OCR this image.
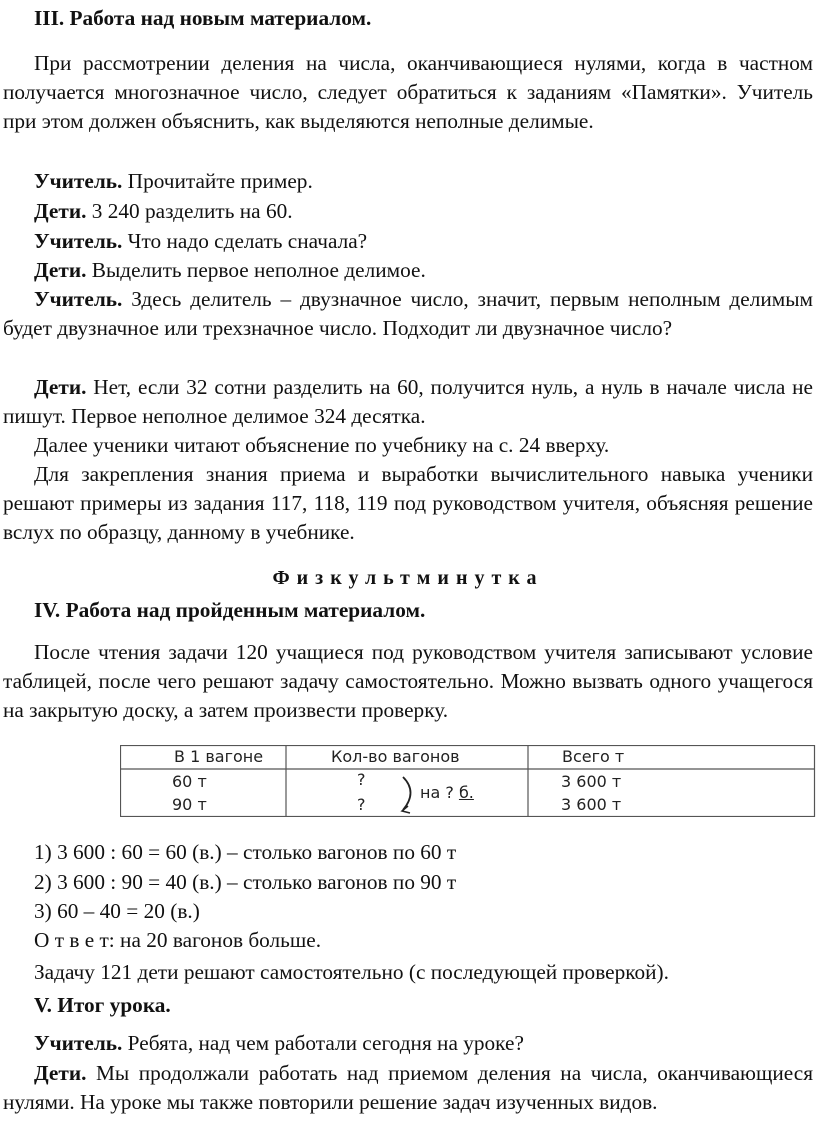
III. Работа над новым материалом.
При рассмотрении деления на числа, оканчивающиеся нулями, когда в частном получается многозначное число, следует обратиться к заданиям «Памятки». Учитель при этом должен объяснить, как выделяются неполные делимые.
Учитель. Прочитайте пример.
Дети. 3 240 разделить на 60.
Учитель. Что надо сделать сначала?
Дети. Выделить первое неполное делимое.
Учитель. Здесь делитель – двузначное число, значит, первым неполным делимым будет двузначное или трехзначное число. Подходит ли двузначное число?
Дети. Нет, если 32 сотни разделить на 60, получится нуль, а нуль в начале числа не пишут. Первое неполное делимое 324 десятка.
Далее ученики читают объяснение по учебнику на с. 24 вверху.
Для закрепления знания приема и выработки вычислительного навыка ученики решают примеры из задания 117, 118, 119 под руководством учителя, объясняя решение вслух по образцу, данному в учебнике.
Физкультминутка
IV. Работа над пройденным материалом.
После чтения задачи 120 учащиеся под руководством учителя записывают условие таблицей, после чего решают задачу самостоятельно. Можно вызвать одного учащегося на закрытую доску, а затем произвести проверку.
В 1 вагоне	Кол-во вагонов	Всего т
60 т	?	3 600 т
90 т	?	3 600 т
на ? б.
1) 3 600 : 60 = 60 (в.) – столько вагонов по 60 т
2) 3 600 : 90 = 40 (в.) – столько вагонов по 90 т
3) 60 – 40 = 20 (в.)
О т в е т: на 20 вагонов больше.
Задачу 121 дети решают самостоятельно (с последующей проверкой).
V. Итог урока.
Учитель. Ребята, над чем работали сегодня на уроке?
Дети. Мы продолжали работать над приемом деления на числа, оканчивающиеся нулями. На уроке мы также повторили решение задач изученных видов.
